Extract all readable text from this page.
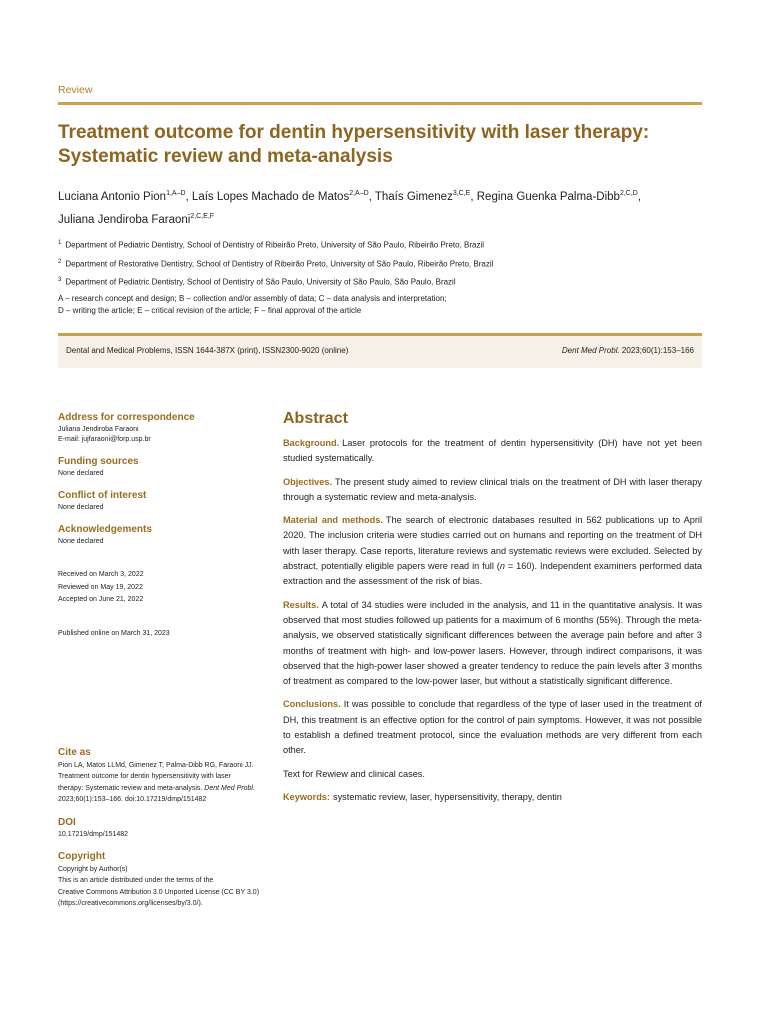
Review
Treatment outcome for dentin hypersensitivity with laser therapy:
Systematic review and meta-analysis
Luciana Antonio Pion$^{1,A-D}$, Laís Lopes Machado de Matos$^{2,A-D}$, Thaís Gimenez$^{3,C,E}$, Regina Guenka Palma-Dibb$^{2,C,D}$,
Juliana Jendiroba Faraoni$^{2,C,E,F}$
$^1$ Department of Pediatric Dentistry, School of Dentistry of Ribeirão Preto, University of São Paulo, Ribeirão Preto, Brazil
$^2$ Department of Restorative Dentistry, School of Dentistry of Ribeirão Preto, University of São Paulo, Ribeirão Preto, Brazil
$^3$ Department of Pediatric Dentistry, School of Dentistry of São Paulo, University of São Paulo, São Paulo, Brazil
A – research concept and design; B – collection and/or assembly of data; C – data analysis and interpretation;
D – writing the article; E – critical revision of the article; F – final approval of the article
Dental and Medical Problems, ISSN 1644-387X (print), ISSN2300-9020 (online)	Dent Med Probl. 2023;60(1):153–166

Address for correspondence

Juliana Jendiroba Faraoni

E-mail: jujfaraoni@forp.usp.br

Funding sources

None declared

Conflict of interest

None declared

Acknowledgements

None declared

Received on March 3, 2022

Reviewed on May 19, 2022

Accepted on June 21, 2022

Published online on March 31, 2023

Cite as

Pion LA, Matos LLMd, Gimenez T, Palma-Dibb RG, Faraoni JJ.

Treatment outcome for dentin hypersensitivity with laser

therapy: Systematic review and meta-analysis. Dent Med Probl.

2023;60(1):153–166. doi:10.17219/dmp/151482

DOI

10.17219/dmp/151482

Copyright

Copyright by Author(s)

This is an article distributed under the terms of the

Creative Commons Attribution 3.0 Unported License (CC BY 3.0)

(https://creativecommons.org/licenses/by/3.0/).

Abstract

Background. Laser protocols for the treatment of dentin hypersensitivity (DH) have not yet been studied systematically.

Objectives. The present study aimed to review clinical trials on the treatment of DH with laser therapy through a systematic review and meta-analysis.

Material and methods. The search of electronic databases resulted in 562 publications up to April 2020. The inclusion criteria were studies carried out on humans and reporting on the treatment of DH with laser therapy. Case reports, literature reviews and systematic reviews were excluded. Selected by abstract, potentially eligible papers were read in full (n = 160). Independent examiners performed data extraction and the assessment of the risk of bias.

Results. A total of 34 studies were included in the analysis, and 11 in the quantitative analysis. It was observed that most studies followed up patients for a maximum of 6 months (55%). Through the meta-analysis, we observed statistically significant differences between the average pain before and after 3 months of treatment with high- and low-power lasers. However, through indirect comparisons, it was observed that the high-power laser showed a greater tendency to reduce the pain levels after 3 months of treatment as compared to the low-power laser, but without a statistically significant difference.

Conclusions. It was possible to conclude that regardless of the type of laser used in the treatment of DH, this treatment is an effective option for the control of pain symptoms. However, it was not possible to establish a defined treatment protocol, since the evaluation methods are very different from each other.

Text for Rewiew and clinical cases.

Keywords: systematic review, laser, hypersensitivity, therapy, dentin
